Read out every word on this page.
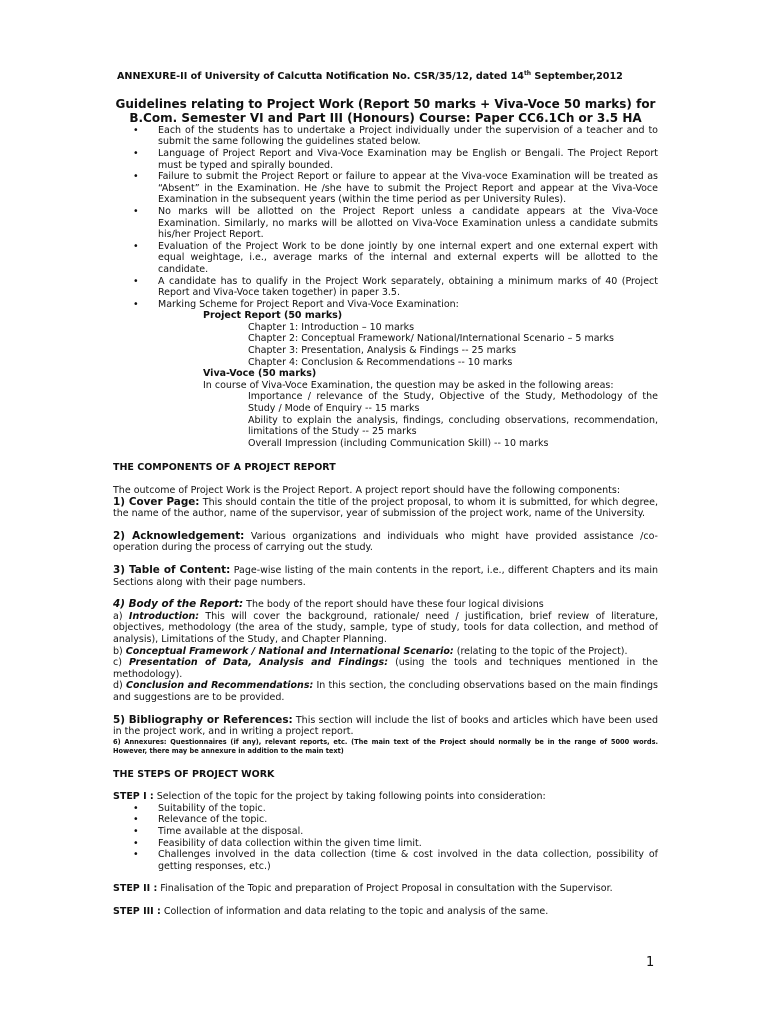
ANNEXURE-II of University of Calcutta Notification No. CSR/35/12, dated 14th September,2012
Guidelines relating to Project Work (Report 50 marks + Viva-Voce 50 marks) for
B.Com. Semester VI and Part III (Honours) Course: Paper CC6.1Ch or 3.5 HA
• Each of the students has to undertake a Project individually under the supervision of a teacher and to submit the same following the guidelines stated below.
• Language of Project Report and Viva-Voce Examination may be English or Bengali. The Project Report must be typed and spirally bounded.
• Failure to submit the Project Report or failure to appear at the Viva-voce Examination will be treated as “Absent” in the Examination. He /she have to submit the Project Report and appear at the Viva-Voce Examination in the subsequent years (within the time period as per University Rules).
• No marks will be allotted on the Project Report unless a candidate appears at the Viva-Voce Examination. Similarly, no marks will be allotted on Viva-Voce Examination unless a candidate submits his/her Project Report.
• Evaluation of the Project Work to be done jointly by one internal expert and one external expert with equal weightage, i.e., average marks of the internal and external experts will be allotted to the candidate.
• A candidate has to qualify in the Project Work separately, obtaining a minimum marks of 40 (Project Report and Viva-Voce taken together) in paper 3.5.
• Marking Scheme for Project Report and Viva-Voce Examination:
Project Report (50 marks)
Chapter 1: Introduction – 10 marks
Chapter 2: Conceptual Framework/ National/International Scenario – 5 marks
Chapter 3: Presentation, Analysis & Findings -- 25 marks
Chapter 4: Conclusion & Recommendations -- 10 marks
Viva-Voce (50 marks)
In course of Viva-Voce Examination, the question may be asked in the following areas:
Importance / relevance of the Study, Objective of the Study, Methodology of the Study / Mode of Enquiry -- 15 marks
Ability to explain the analysis, findings, concluding observations, recommendation, limitations of the Study -- 25 marks
Overall Impression (including Communication Skill) -- 10 marks
THE COMPONENTS OF A PROJECT REPORT

The outcome of Project Work is the Project Report. A project report should have the following components:

1) Cover Page: This should contain the title of the project proposal, to whom it is submitted, for which degree, the name of the author, name of the supervisor, year of submission of the project work, name of the University.

2) Acknowledgement: Various organizations and individuals who might have provided assistance /co-operation during the process of carrying out the study.

3) Table of Content: Page-wise listing of the main contents in the report, i.e., different Chapters and its main Sections along with their page numbers.

4) Body of the Report: The body of the report should have these four logical divisions

a) Introduction: This will cover the background, rationale/ need / justification, brief review of literature, objectives, methodology (the area of the study, sample, type of study, tools for data collection, and method of analysis), Limitations of the Study, and Chapter Planning.

b) Conceptual Framework / National and International Scenario: (relating to the topic of the Project).

c) Presentation of Data, Analysis and Findings: (using the tools and techniques mentioned in the methodology).

d) Conclusion and Recommendations: In this section, the concluding observations based on the main findings and suggestions are to be provided.

5) Bibliography or References: This section will include the list of books and articles which have been used in the project work, and in writing a project report.

6) Annexures: Questionnaires (if any), relevant reports, etc. (The main text of the Project should normally be in the range of 5000 words. However, there may be annexure in addition to the main text)

THE STEPS OF PROJECT WORK

STEP I : Selection of the topic for the project by taking following points into consideration:

• Suitability of the topic.
• Relevance of the topic.
• Time available at the disposal.
• Feasibility of data collection within the given time limit.
• Challenges involved in the data collection (time & cost involved in the data collection, possibility of getting responses, etc.)

STEP II : Finalisation of the Topic and preparation of Project Proposal in consultation with the Supervisor.

STEP III : Collection of information and data relating to the topic and analysis of the same.

1
